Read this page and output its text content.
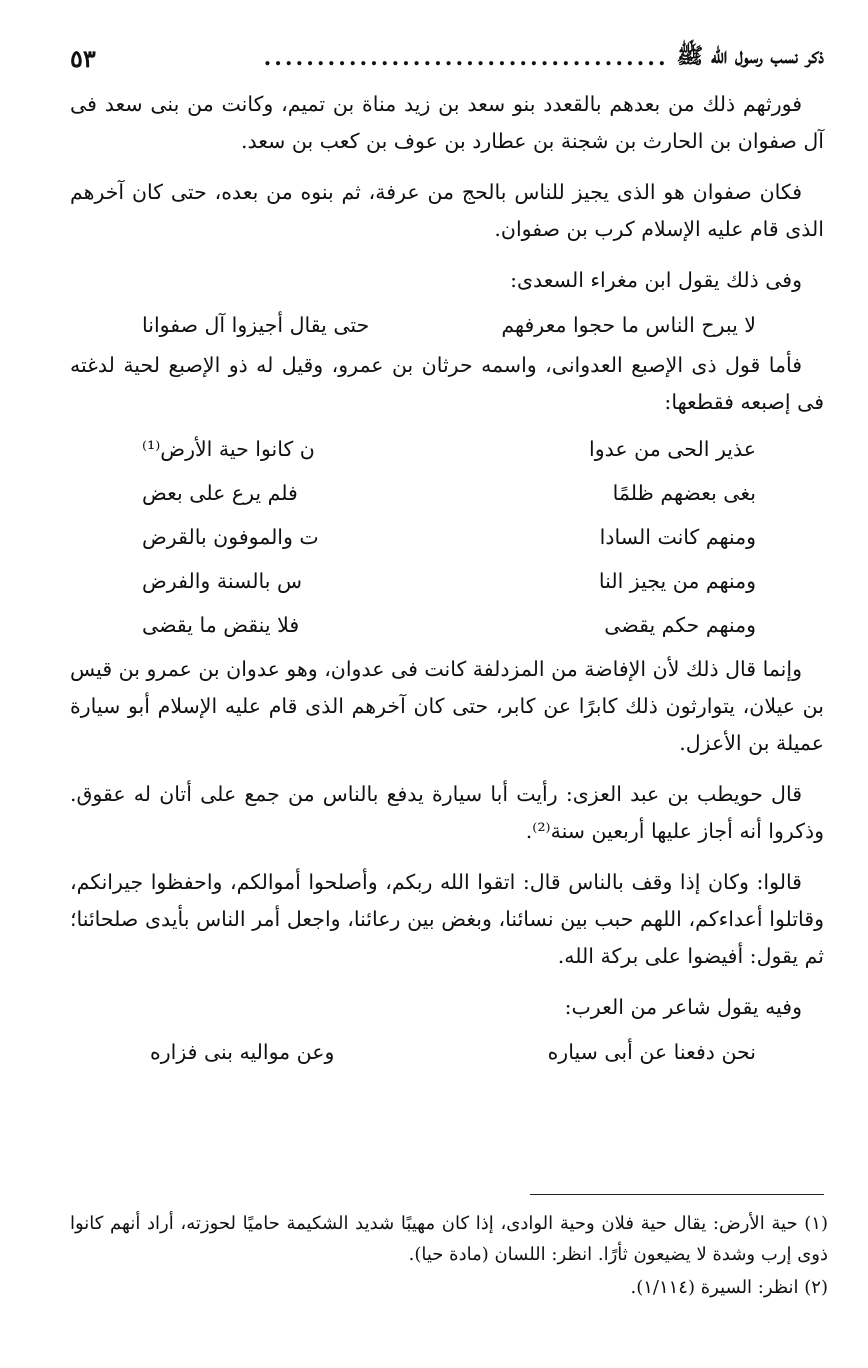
ذكر نسب رسول الله ﷺ
......................................
٥٣

فورثهم ذلك من بعدهم بالقعدد بنو سعد بن زيد مناة بن تميم، وكانت من بنى سعد فى آل صفوان بن الحارث بن شجنة بن عطارد بن عوف بن كعب بن سعد.

فكان صفوان هو الذى يجيز للناس بالحج من عرفة، ثم بنوه من بعده، حتى كان آخرهم الذى قام عليه الإسلام كرب بن صفوان.

وفى ذلك يقول ابن مغراء السعدى:

لا يبرح الناس ما حجوا معرفهم
حتى يقال أجيزوا آل صفوانا

فأما قول ذى الإصبع العدوانى، واسمه حرثان بن عمرو، وقيل له ذو الإصبع لحية لدغته فى إصبعه فقطعها:

عذير الحى من عدوا
ن كانوا حية الأرض⁽¹⁾
بغى بعضهم ظلمًا
فلم يرع على بعض
ومنهم كانت السادا
ت والموفون بالقرض
ومنهم من يجيز النا
س بالسنة والفرض
ومنهم حكم يقضى
فلا ينقض ما يقضى

وإنما قال ذلك لأن الإفاضة من المزدلفة كانت فى عدوان، وهو عدوان بن عمرو بن قيس بن عيلان، يتوارثون ذلك كابرًا عن كابر، حتى كان آخرهم الذى قام عليه الإسلام أبو سيارة عميلة بن الأعزل.

قال حويطب بن عبد العزى: رأيت أبا سيارة يدفع بالناس من جمع على أتان له عقوق. وذكروا أنه أجاز عليها أربعين سنة⁽²⁾.

قالوا: وكان إذا وقف بالناس قال: اتقوا الله ربكم، وأصلحوا أموالكم، واحفظوا جيرانكم، وقاتلوا أعداءكم، اللهم حبب بين نسائنا، وبغض بين رعائنا، واجعل أمر الناس بأيدى صلحائنا؛ ثم يقول: أفيضوا على بركة الله.

وفيه يقول شاعر من العرب:

نحن دفعنا عن أبى سياره
وعن مواليه بنى فزاره

(١) حية الأرض: يقال حية فلان وحية الوادى، إذا كان مهيبًا شديد الشكيمة حاميًا لحوزته، أراد أنهم كانوا ذوى إرب وشدة لا يضيعون ثأرًا. انظر: اللسان (مادة حيا).

(٢) انظر: السيرة (١/١١٤).
